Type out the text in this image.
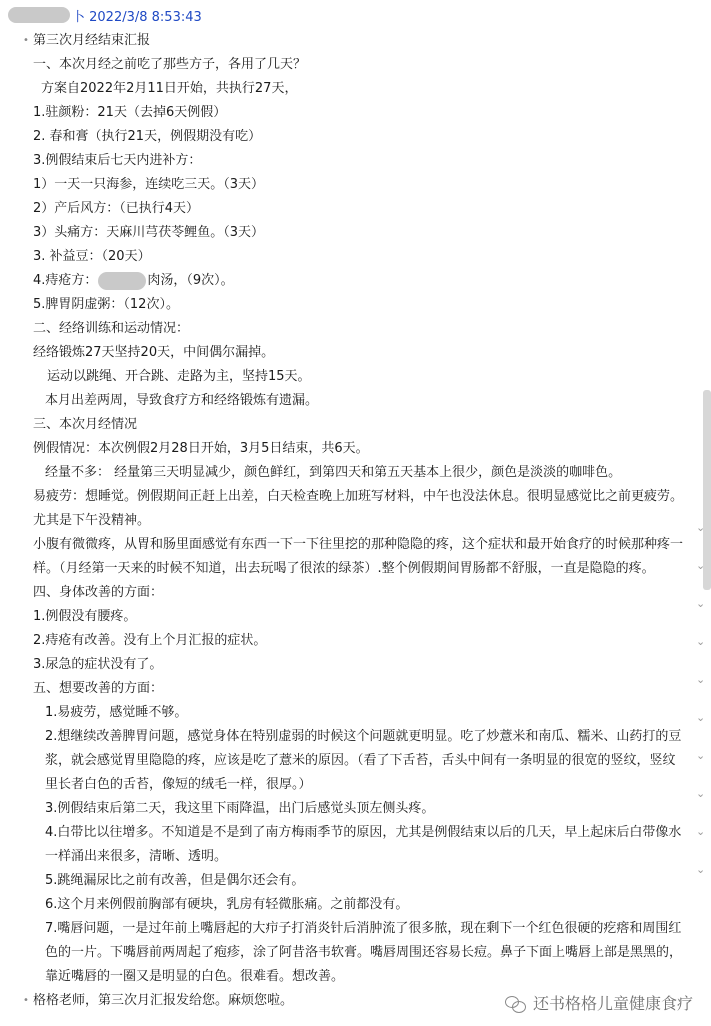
卜 2022/3/8 8:53:43
• 第三次月经结束汇报
一、本次月经之前吃了那些方子，各用了几天？
方案自2022年2月11日开始，共执行27天，
1.驻颜粉：21天（去掉6天例假）
2. 春和膏（执行21天，例假期没有吃）
3.例假结束后七天内进补方：
1）一天一只海参，连续吃三天。（3天）
2）产后风方：（已执行4天）
3）头痛方：天麻川芎茯苓鲤鱼。（3天）
3. 补益豆：（20天）
4.痔疮方：	肉汤，（9次）。
5.脾胃阴虚粥：（12次）。
二、经络训练和运动情况：
经络锻炼27天坚持20天，中间偶尔漏掉。
运动以跳绳、开合跳、走路为主，坚持15天。
本月出差两周，导致食疗方和经络锻炼有遗漏。
三、本次月经情况
例假情况：本次例假2月28日开始，3月5日结束，共6天。
经量不多： 经量第三天明显减少，颜色鲜红，到第四天和第五天基本上很少，颜色是淡淡的咖啡色。
易疲劳：想睡觉。例假期间正赶上出差，白天检查晚上加班写材料，中午也没法休息。很明显感觉比之前更疲劳。尤其是下午没精神。
小腹有微微疼，从胃和肠里面感觉有东西一下一下往里挖的那种隐隐的疼，这个症状和最开始食疗的时候那种疼一样。（月经第一天来的时候不知道，出去玩喝了很浓的绿茶）.整个例假期间胃肠都不舒服，一直是隐隐的疼。
四、身体改善的方面：
1.例假没有腰疼。
2.痔疮有改善。没有上个月汇报的症状。
3.尿急的症状没有了。
五、想要改善的方面：
1.易疲劳，感觉睡不够。
2.想继续改善脾胃问题，感觉身体在特别虚弱的时候这个问题就更明显。吃了炒薏米和南瓜、糯米、山药打的豆浆，就会感觉胃里隐隐的疼，应该是吃了薏米的原因。（看了下舌苔，舌头中间有一条明显的很宽的竖纹，竖纹里长者白色的舌苔，像短的绒毛一样，很厚。）
3.例假结束后第二天，我这里下雨降温，出门后感觉头顶左侧头疼。
4.白带比以往增多。不知道是不是到了南方梅雨季节的原因，尤其是例假结束以后的几天，早上起床后白带像水一样涌出来很多，清晰、透明。
5.跳绳漏尿比之前有改善，但是偶尔还会有。
6.这个月来例假前胸部有硬块，乳房有轻微胀痛。之前都没有。
7.嘴唇问题，一是过年前上嘴唇起的大疖子打消炎针后消肿流了很多脓，现在剩下一个红色很硬的疙瘩和周围红色的一片。下嘴唇前两周起了疱疹，涂了阿昔洛韦软膏。嘴唇周围还容易长痘。鼻子下面上嘴唇上部是黑黑的，靠近嘴唇的一圈又是明显的白色。很难看。想改善。
• 格格老师，第三次月汇报发给您。麻烦您啦。
⌄
⌄
⌄
⌄
⌄
⌄
⌄
⌄
⌄
⌄
还书格格儿童健康食疗
